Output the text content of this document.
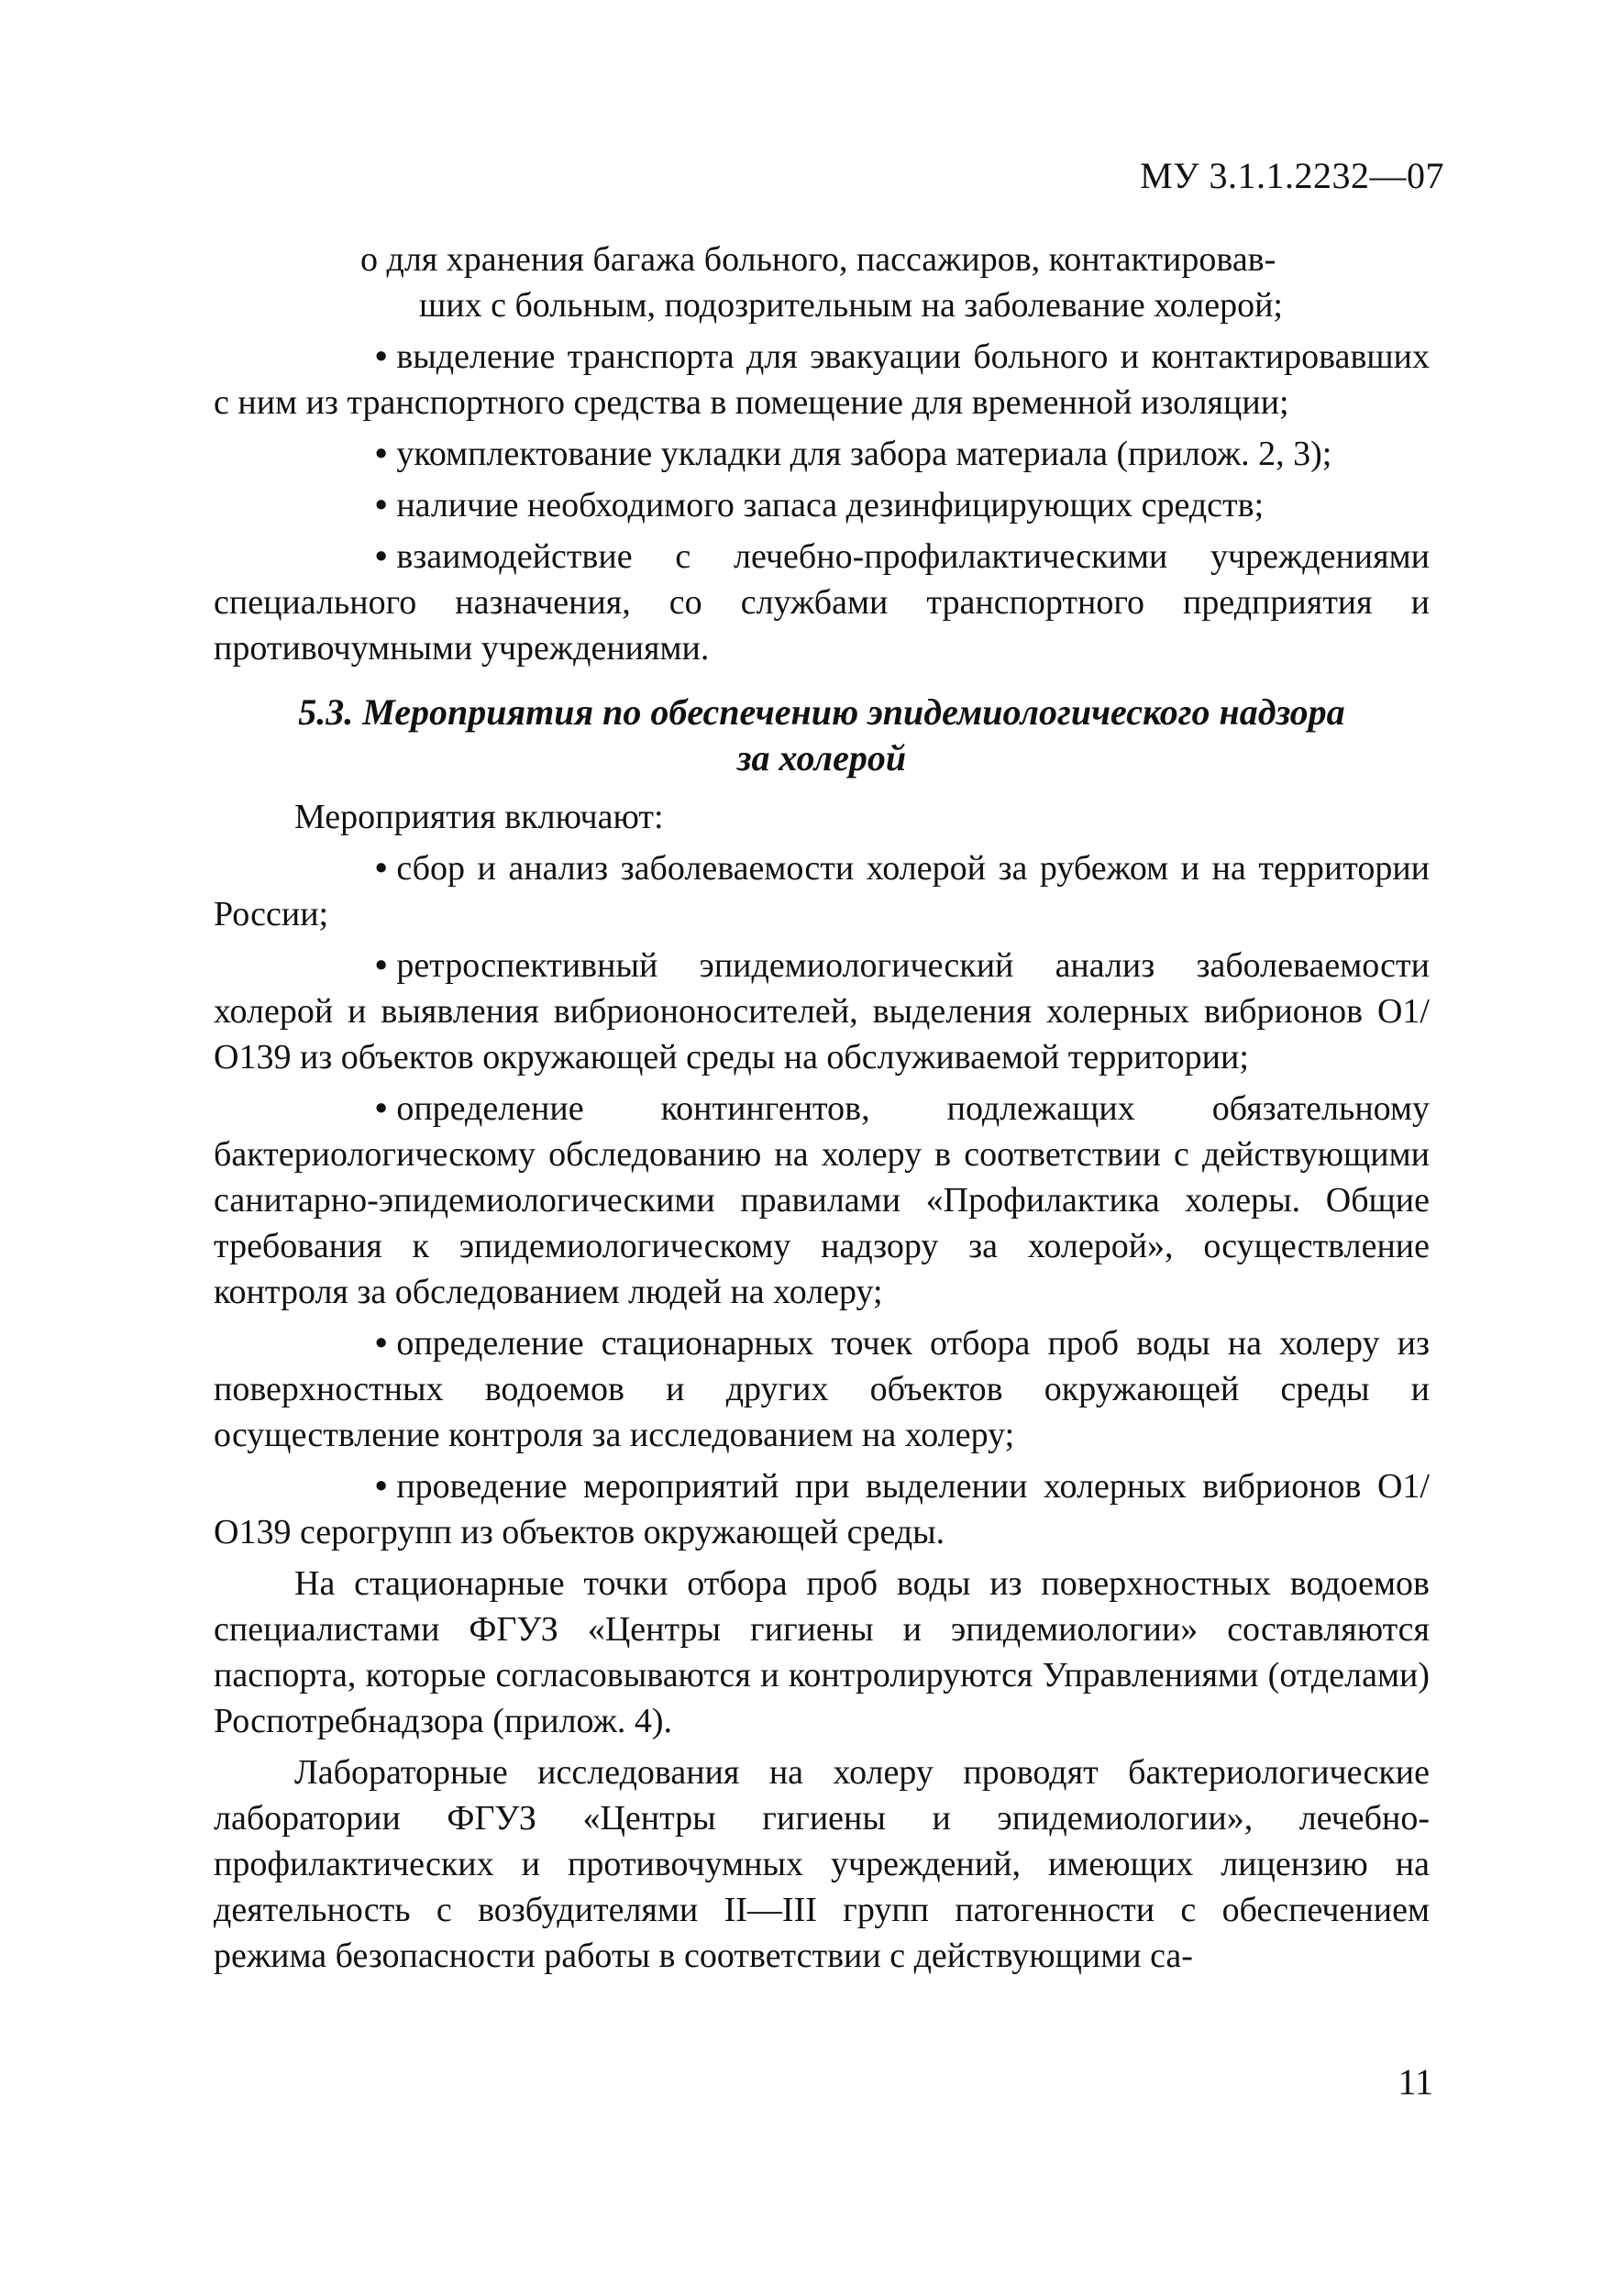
МУ 3.1.1.2232—07

о для хранения багажа больного, пассажиров, контактировав-
ших с больным, подозрительным на заболевание холерой;

• выделение транспорта для эвакуации больного и контактировавших с ним из транспортного средства в помещение для временной изоляции;

• укомплектование укладки для забора материала (прилож. 2, 3);

• наличие необходимого запаса дезинфицирующих средств;

• взаимодействие с лечебно-профилактическими учреждениями специального назначения, со службами транспортного предприятия и противочумными учреждениями.

5.3. Мероприятия по обеспечению эпидемиологического надзора
за холерой

Мероприятия включают:

• сбор и анализ заболеваемости холерой за рубежом и на территории России;

• ретроспективный эпидемиологический анализ заболеваемости холерой и выявления вибриононосителей, выделения холерных вибрионов О1/О139 из объектов окружающей среды на обслуживаемой территории;

• определение контингентов, подлежащих обязательному бактериологическому обследованию на холеру в соответствии с действующими санитарно-эпидемиологическими правилами «Профилактика холеры. Общие требования к эпидемиологическому надзору за холерой», осуществление контроля за обследованием людей на холеру;

• определение стационарных точек отбора проб воды на холеру из поверхностных водоемов и других объектов окружающей среды и осуществление контроля за исследованием на холеру;

• проведение мероприятий при выделении холерных вибрионов О1/ О139 серогрупп из объектов окружающей среды.

На стационарные точки отбора проб воды из поверхностных водоемов специалистами ФГУЗ «Центры гигиены и эпидемиологии» составляются паспорта, которые согласовываются и контролируются Управлениями (отделами) Роспотребнадзора (прилож. 4).

Лабораторные исследования на холеру проводят бактериологические лаборатории ФГУЗ «Центры гигиены и эпидемиологии», лечебно-профилактических и противочумных учреждений, имеющих лицензию на деятельность с возбудителями II—III групп патогенности с обеспечением режима безопасности работы в соответствии с действующими са-

11
